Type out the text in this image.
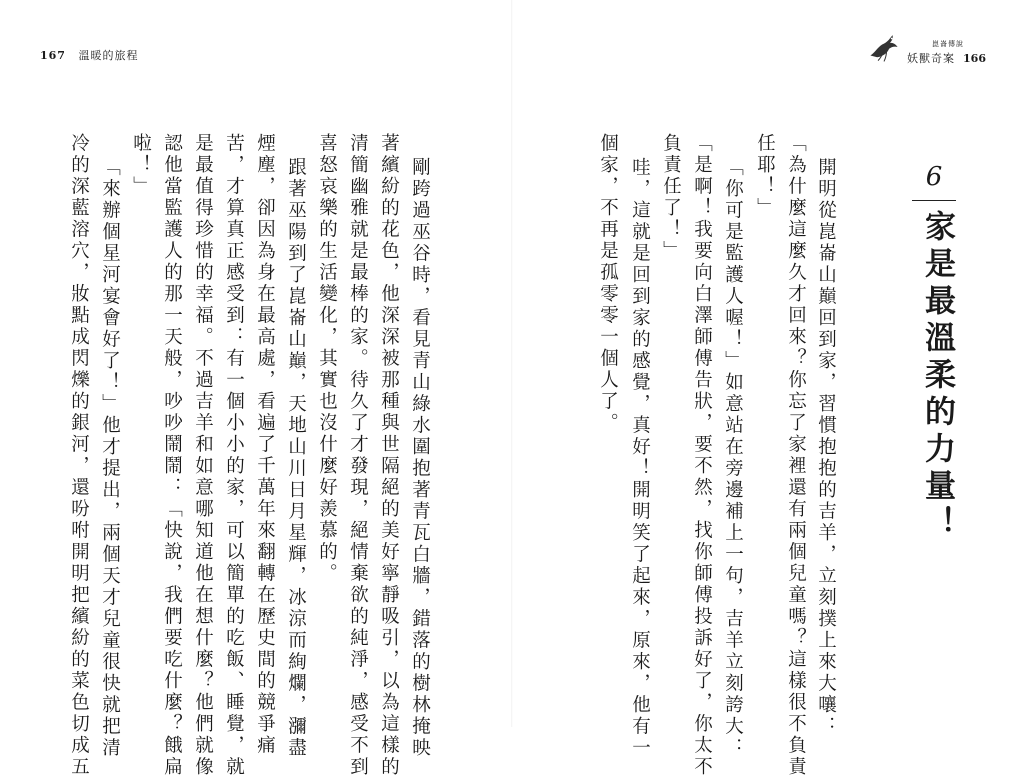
167 溫暖的旅程
崑崙傳說
妖獸奇案 166
6
家是最溫柔的力量！
開明從崑崙山巔回到家，習慣抱抱的吉羊，立刻撲上來大嚷：
「為什麼這麼久才回來？你忘了家裡還有兩個兒童嗎？這樣很不負責
任耶！」
「你可是監護人喔！」如意站在旁邊補上一句，吉羊立刻誇大：
「是啊！我要向白澤師傅告狀，要不然，找你師傅投訴好了，你太不
負責任了！」
哇，這就是回到家的感覺，真好！開明笑了起來，原來，他有一
個家，不再是孤零零一個人了。
剛跨過巫谷時，看見青山綠水圍抱著青瓦白牆，錯落的樹林掩映
著繽紛的花色，他深深被那種與世隔絕的美好寧靜吸引，以為這樣的
清簡幽雅就是最棒的家。待久了才發現，絕情棄欲的純淨，感受不到
喜怒哀樂的生活變化，其實也沒什麼好羨慕的。
跟著巫陽到了崑崙山巔，天地山川日月星輝，冰涼而絢爛，瀰盡
煙塵，卻因為身在最高處，看遍了千萬年來翻轉在歷史間的競爭痛
苦，才算真正感受到：有一個小小的家，可以簡單的吃飯、睡覺，就
是最值得珍惜的幸福。不過吉羊和如意哪知道他在想什麼？他們就像
認他當監護人的那一天般，吵吵鬧鬧：「快說，我們要吃什麼？餓扁
啦！」
「來辦個星河宴會好了！」他才提出，兩個天才兒童很快就把清
冷的深藍溶穴，妝點成閃爍的銀河，還吩咐開明把繽紛的菜色切成五
